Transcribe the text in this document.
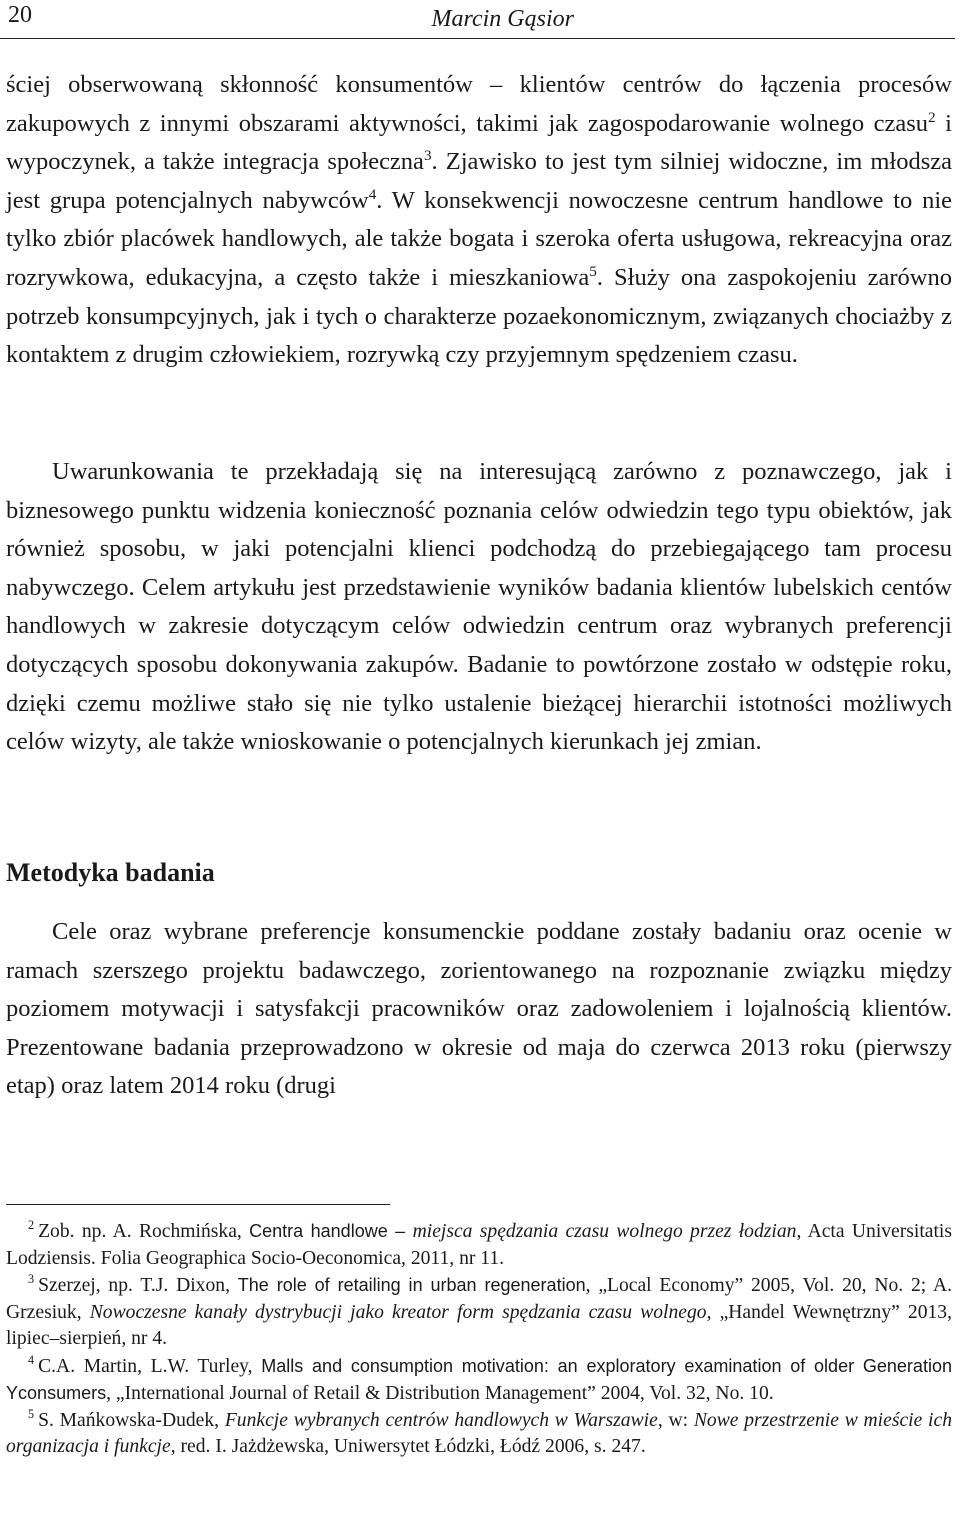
20	Marcin Gąsior

ściej obserwowaną skłonność konsumentów – klientów centrów do łączenia procesów zakupowych z innymi obszarami aktywności, takimi jak zagospodarowanie wolnego czasu$^2$ i wypoczynek, a także integracja społeczna$^3$. Zjawisko to jest tym silniej widoczne, im młodsza jest grupa potencjalnych nabywców$^4$. W konsekwencji nowoczesne centrum handlowe to nie tylko zbiór placówek handlowych, ale także bogata i szeroka oferta usługowa, rekreacyjna oraz rozrywkowa, edukacyjna, a często także i mieszkaniowa$^5$. Służy ona zaspokojeniu zarówno potrzeb konsumpcyjnych, jak i tych o charakterze pozaekonomicznym, związanych chociażby z kontaktem z drugim człowiekiem, rozrywką czy przyjemnym spędzeniem czasu.

Uwarunkowania te przekładają się na interesującą zarówno z poznawczego, jak i biznesowego punktu widzenia konieczność poznania celów odwiedzin tego typu obiektów, jak również sposobu, w jaki potencjalni klienci podchodzą do przebiegającego tam procesu nabywczego. Celem artykułu jest przedstawienie wyników badania klientów lubelskich centów handlowych w zakresie dotyczącym celów odwiedzin centrum oraz wybranych preferencji dotyczących sposobu dokonywania zakupów. Badanie to powtórzone zostało w odstępie roku, dzięki czemu możliwe stało się nie tylko ustalenie bieżącej hierarchii istotności możliwych celów wizyty, ale także wnioskowanie o potencjalnych kierunkach jej zmian.

Metodyka badania

Cele oraz wybrane preferencje konsumenckie poddane zostały badaniu oraz ocenie w ramach szerszego projektu badawczego, zorientowanego na rozpoznanie związku między poziomem motywacji i satysfakcji pracowników oraz zadowoleniem i lojalnością klientów. Prezentowane badania przeprowadzono w okresie od maja do czerwca 2013 roku (pierwszy etap) oraz latem 2014 roku (drugi

$^2$ Zob. np. A. Rochmińska, Centra handlowe – miejsca spędzania czasu wolnego przez łodzian, Acta Universitatis Lodziensis. Folia Geographica Socio-Oeconomica, 2011, nr 11.

$^3$ Szerzej, np. T.J. Dixon, The role of retailing in urban regeneration, „Local Economy” 2005, Vol. 20, No. 2; A. Grzesiuk, Nowoczesne kanały dystrybucji jako kreator form spędzania czasu wolnego, „Handel Wewnętrzny” 2013, lipiec–sierpień, nr 4.

$^4$ C.A. Martin, L.W. Turley, Malls and consumption motivation: an exploratory examination of older Generation Yconsumers, „International Journal of Retail & Distribution Management” 2004, Vol. 32, No. 10.

$^5$ S. Mańkowska-Dudek, Funkcje wybranych centrów handlowych w Warszawie, w: Nowe przestrzenie w mieście ich organizacja i funkcje, red. I. Jażdżewska, Uniwersytet Łódzki, Łódź 2006, s. 247.
